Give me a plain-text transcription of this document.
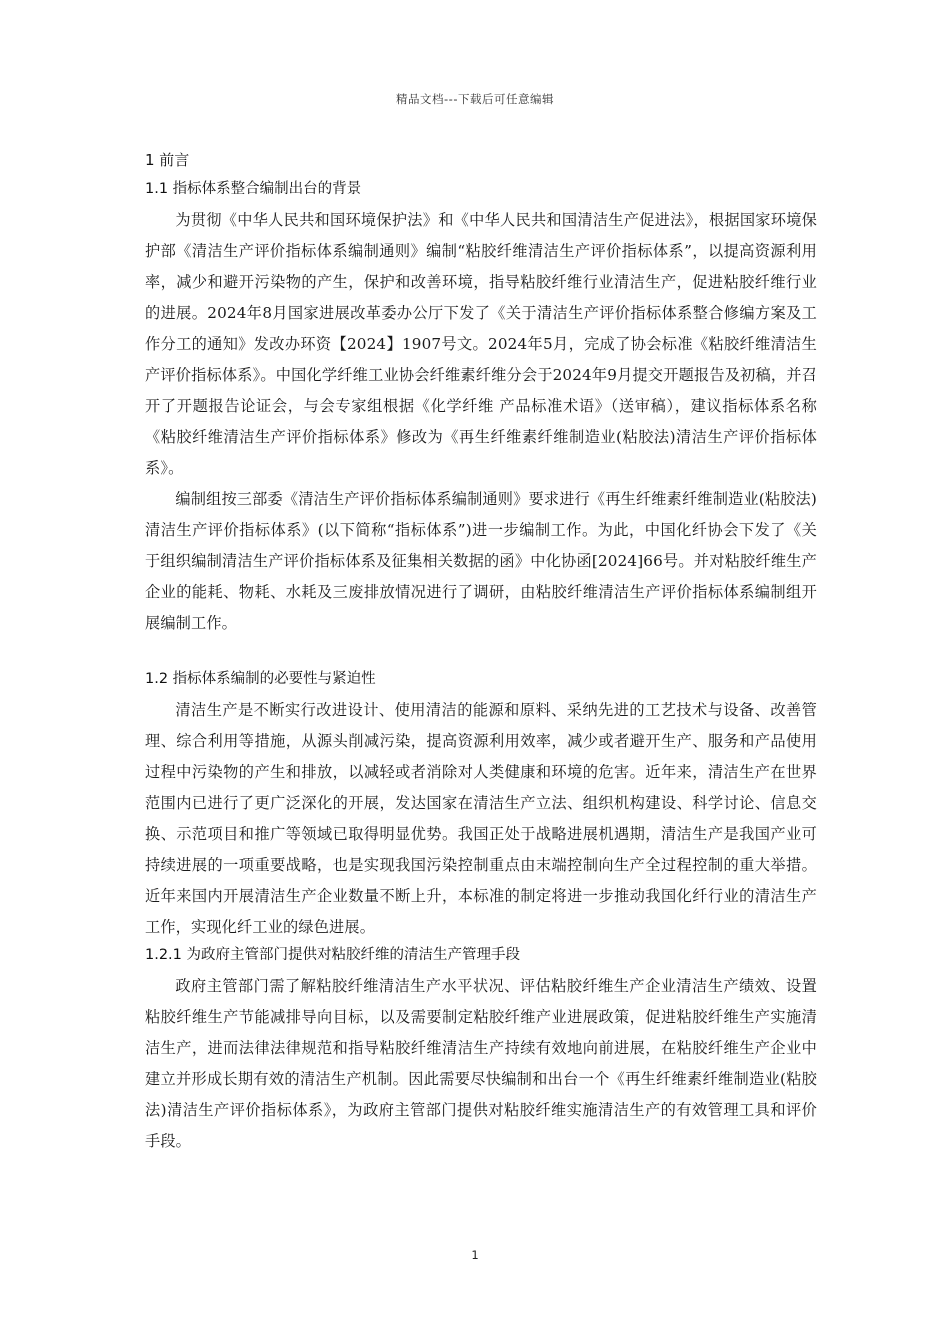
精品文档---下载后可任意编辑
1 前言
1.1 指标体系整合编制出台的背景

为贯彻《中华人民共和国环境保护法》和《中华人民共和国清洁生产促进法》，根据国家环境保护部《清洁生产评价指标体系编制通则》编制“粘胶纤维清洁生产评价指标体系”，以提高资源利用率，减少和避开污染物的产生，保护和改善环境，指导粘胶纤维行业清洁生产，促进粘胶纤维行业的进展。2024年8月国家进展改革委办公厅下发了《关于清洁生产评价指标体系整合修编方案及工作分工的通知》发改办环资【2024】1907号文。2024年5月，完成了协会标准《粘胶纤维清洁生产评价指标体系》。中国化学纤维工业协会纤维素纤维分会于2024年9月提交开题报告及初稿，并召开了开题报告论证会，与会专家组根据《化学纤维 产品标准术语》（送审稿），建议指标体系名称《粘胶纤维清洁生产评价指标体系》修改为《再生纤维素纤维制造业(粘胶法)清洁生产评价指标体系》。

编制组按三部委《清洁生产评价指标体系编制通则》要求进行《再生纤维素纤维制造业(粘胶法)清洁生产评价指标体系》(以下简称“指标体系”)进一步编制工作。为此，中国化纤协会下发了《关于组织编制清洁生产评价指标体系及征集相关数据的函》中化协函[2024]66号。并对粘胶纤维生产企业的能耗、物耗、水耗及三废排放情况进行了调研，由粘胶纤维清洁生产评价指标体系编制组开展编制工作。

1.2 指标体系编制的必要性与紧迫性

清洁生产是不断实行改进设计、使用清洁的能源和原料、采纳先进的工艺技术与设备、改善管理、综合利用等措施，从源头削减污染，提高资源利用效率，减少或者避开生产、服务和产品使用过程中污染物的产生和排放，以减轻或者消除对人类健康和环境的危害。近年来，清洁生产在世界范围内已进行了更广泛深化的开展，发达国家在清洁生产立法、组织机构建设、科学讨论、信息交换、示范项目和推广等领域已取得明显优势。我国正处于战略进展机遇期，清洁生产是我国产业可持续进展的一项重要战略，也是实现我国污染控制重点由末端控制向生产全过程控制的重大举措。近年来国内开展清洁生产企业数量不断上升，本标准的制定将进一步推动我国化纤行业的清洁生产工作，实现化纤工业的绿色进展。

1.2.1 为政府主管部门提供对粘胶纤维的清洁生产管理手段

政府主管部门需了解粘胶纤维清洁生产水平状况、评估粘胶纤维生产企业清洁生产绩效、设置粘胶纤维生产节能减排导向目标，以及需要制定粘胶纤维产业进展政策，促进粘胶纤维生产实施清洁生产，进而法律法律规范和指导粘胶纤维清洁生产持续有效地向前进展，在粘胶纤维生产企业中建立并形成长期有效的清洁生产机制。因此需要尽快编制和出台一个《再生纤维素纤维制造业(粘胶法)清洁生产评价指标体系》，为政府主管部门提供对粘胶纤维实施清洁生产的有效管理工具和评价手段。

1
